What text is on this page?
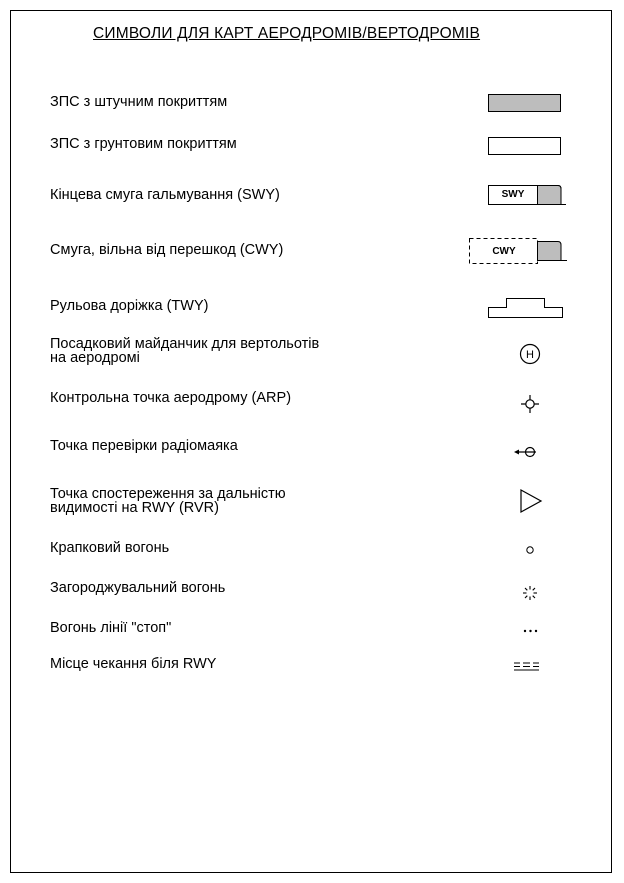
СИМВОЛИ ДЛЯ КАРТ АЕРОДРОМІВ/ВЕРТОДРОМІВ
ЗПС з штучним покриттям
ЗПС з грунтовим покриттям
Кінцева смуга гальмування (SWY)	SWY
Смуга, вільна від перешкод (CWY)	CWY
Рульова доріжка (TWY)
Посадковий майданчик для вертольотів
на аеродромі	H
Контрольна точка аеродрому (ARP)
Точка перевірки радіомаяка
Точка спостереження за дальністю
видимості на RWY (RVR)
Крапковий вогонь
Загороджувальний вогонь
Вогонь лінії "стоп"
Місце чекання біля RWY
